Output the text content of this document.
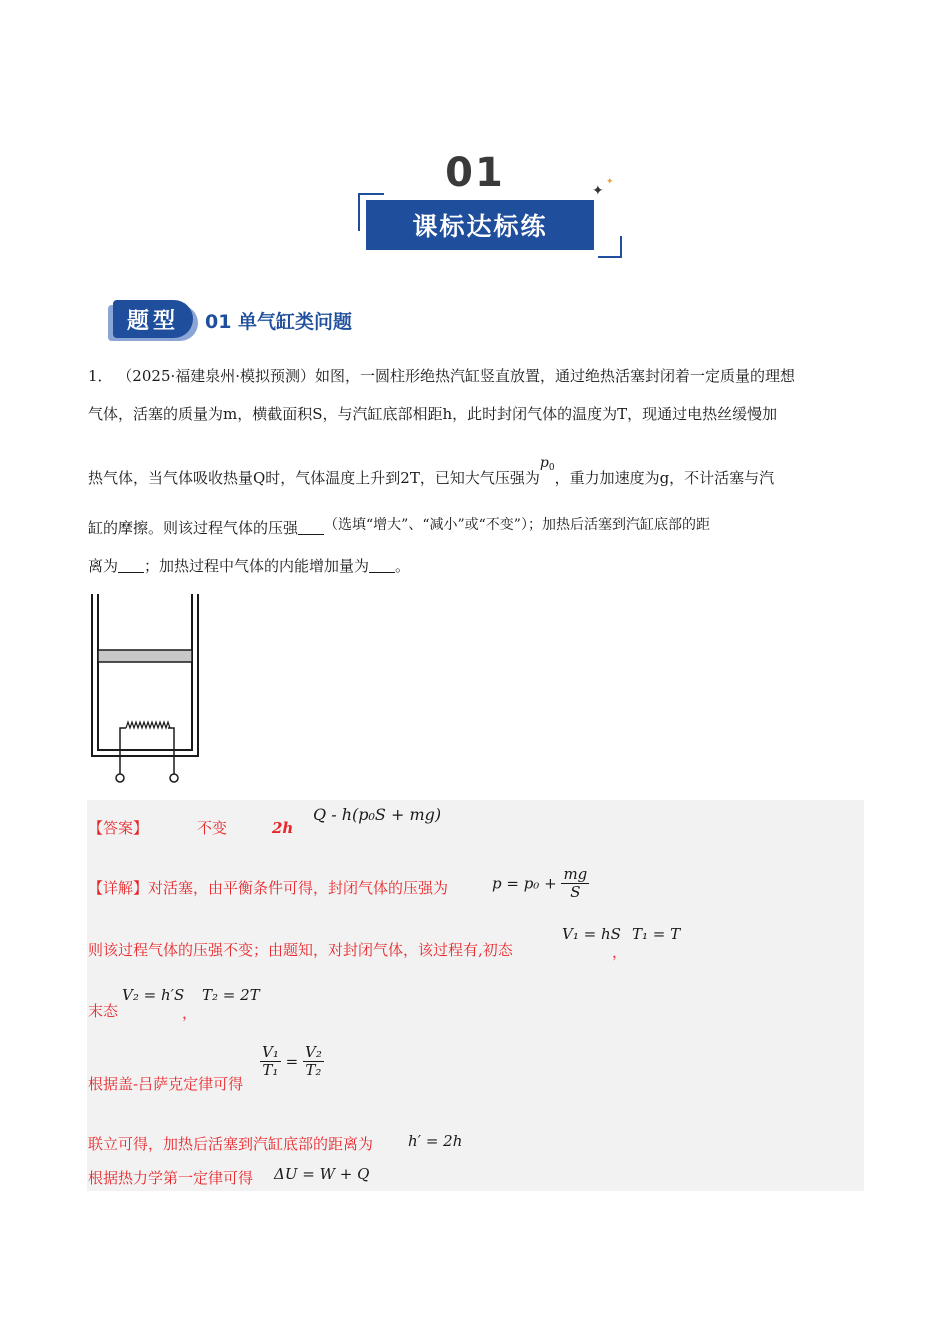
01	✦
✦
课标达标练
题型	01 单气缸类问题
1． （2025·福建泉州·模拟预测）如图，一圆柱形绝热汽缸竖直放置，通过绝热活塞封闭着一定质量的理想
气体，活塞的质量为m，横截面积S，与汽缸底部相距h，此时封闭气体的温度为T，现通过电热丝缓慢加
热气体，当气体吸收热量Q时，气体温度上升到2T，已知大气压强为$p_0$，重力加速度为g，不计活塞与汽
缸的摩擦。则该过程气体的压强 （选填“增大”、“减小”或“不变”）；加热后活塞到汽缸底部的距
离为 ；加热过程中气体的内能增加量为 。
【答案】	不变	2h
Q - h(p₀S + mg)
【详解】对活塞，由平衡条件可得，封闭气体的压强为	$p = p_0 + \frac{mg}{S}$
则该过程气体的压强不变；由题知，对封闭气体，该过程有,初态
V₁ = hS
，
T₁ = T
末态
V₂ = h′S
，
T₂ = 2T
根据盖-吕萨克定律可得
$\frac{\text{V₁}}{\text{T₁}} = \frac{\text{V₂}}{\text{T₂}}$
联立可得，加热后活塞到汽缸底部的距离为 h′ = 2h
根据热力学第一定律可得 ΔU = W + Q
